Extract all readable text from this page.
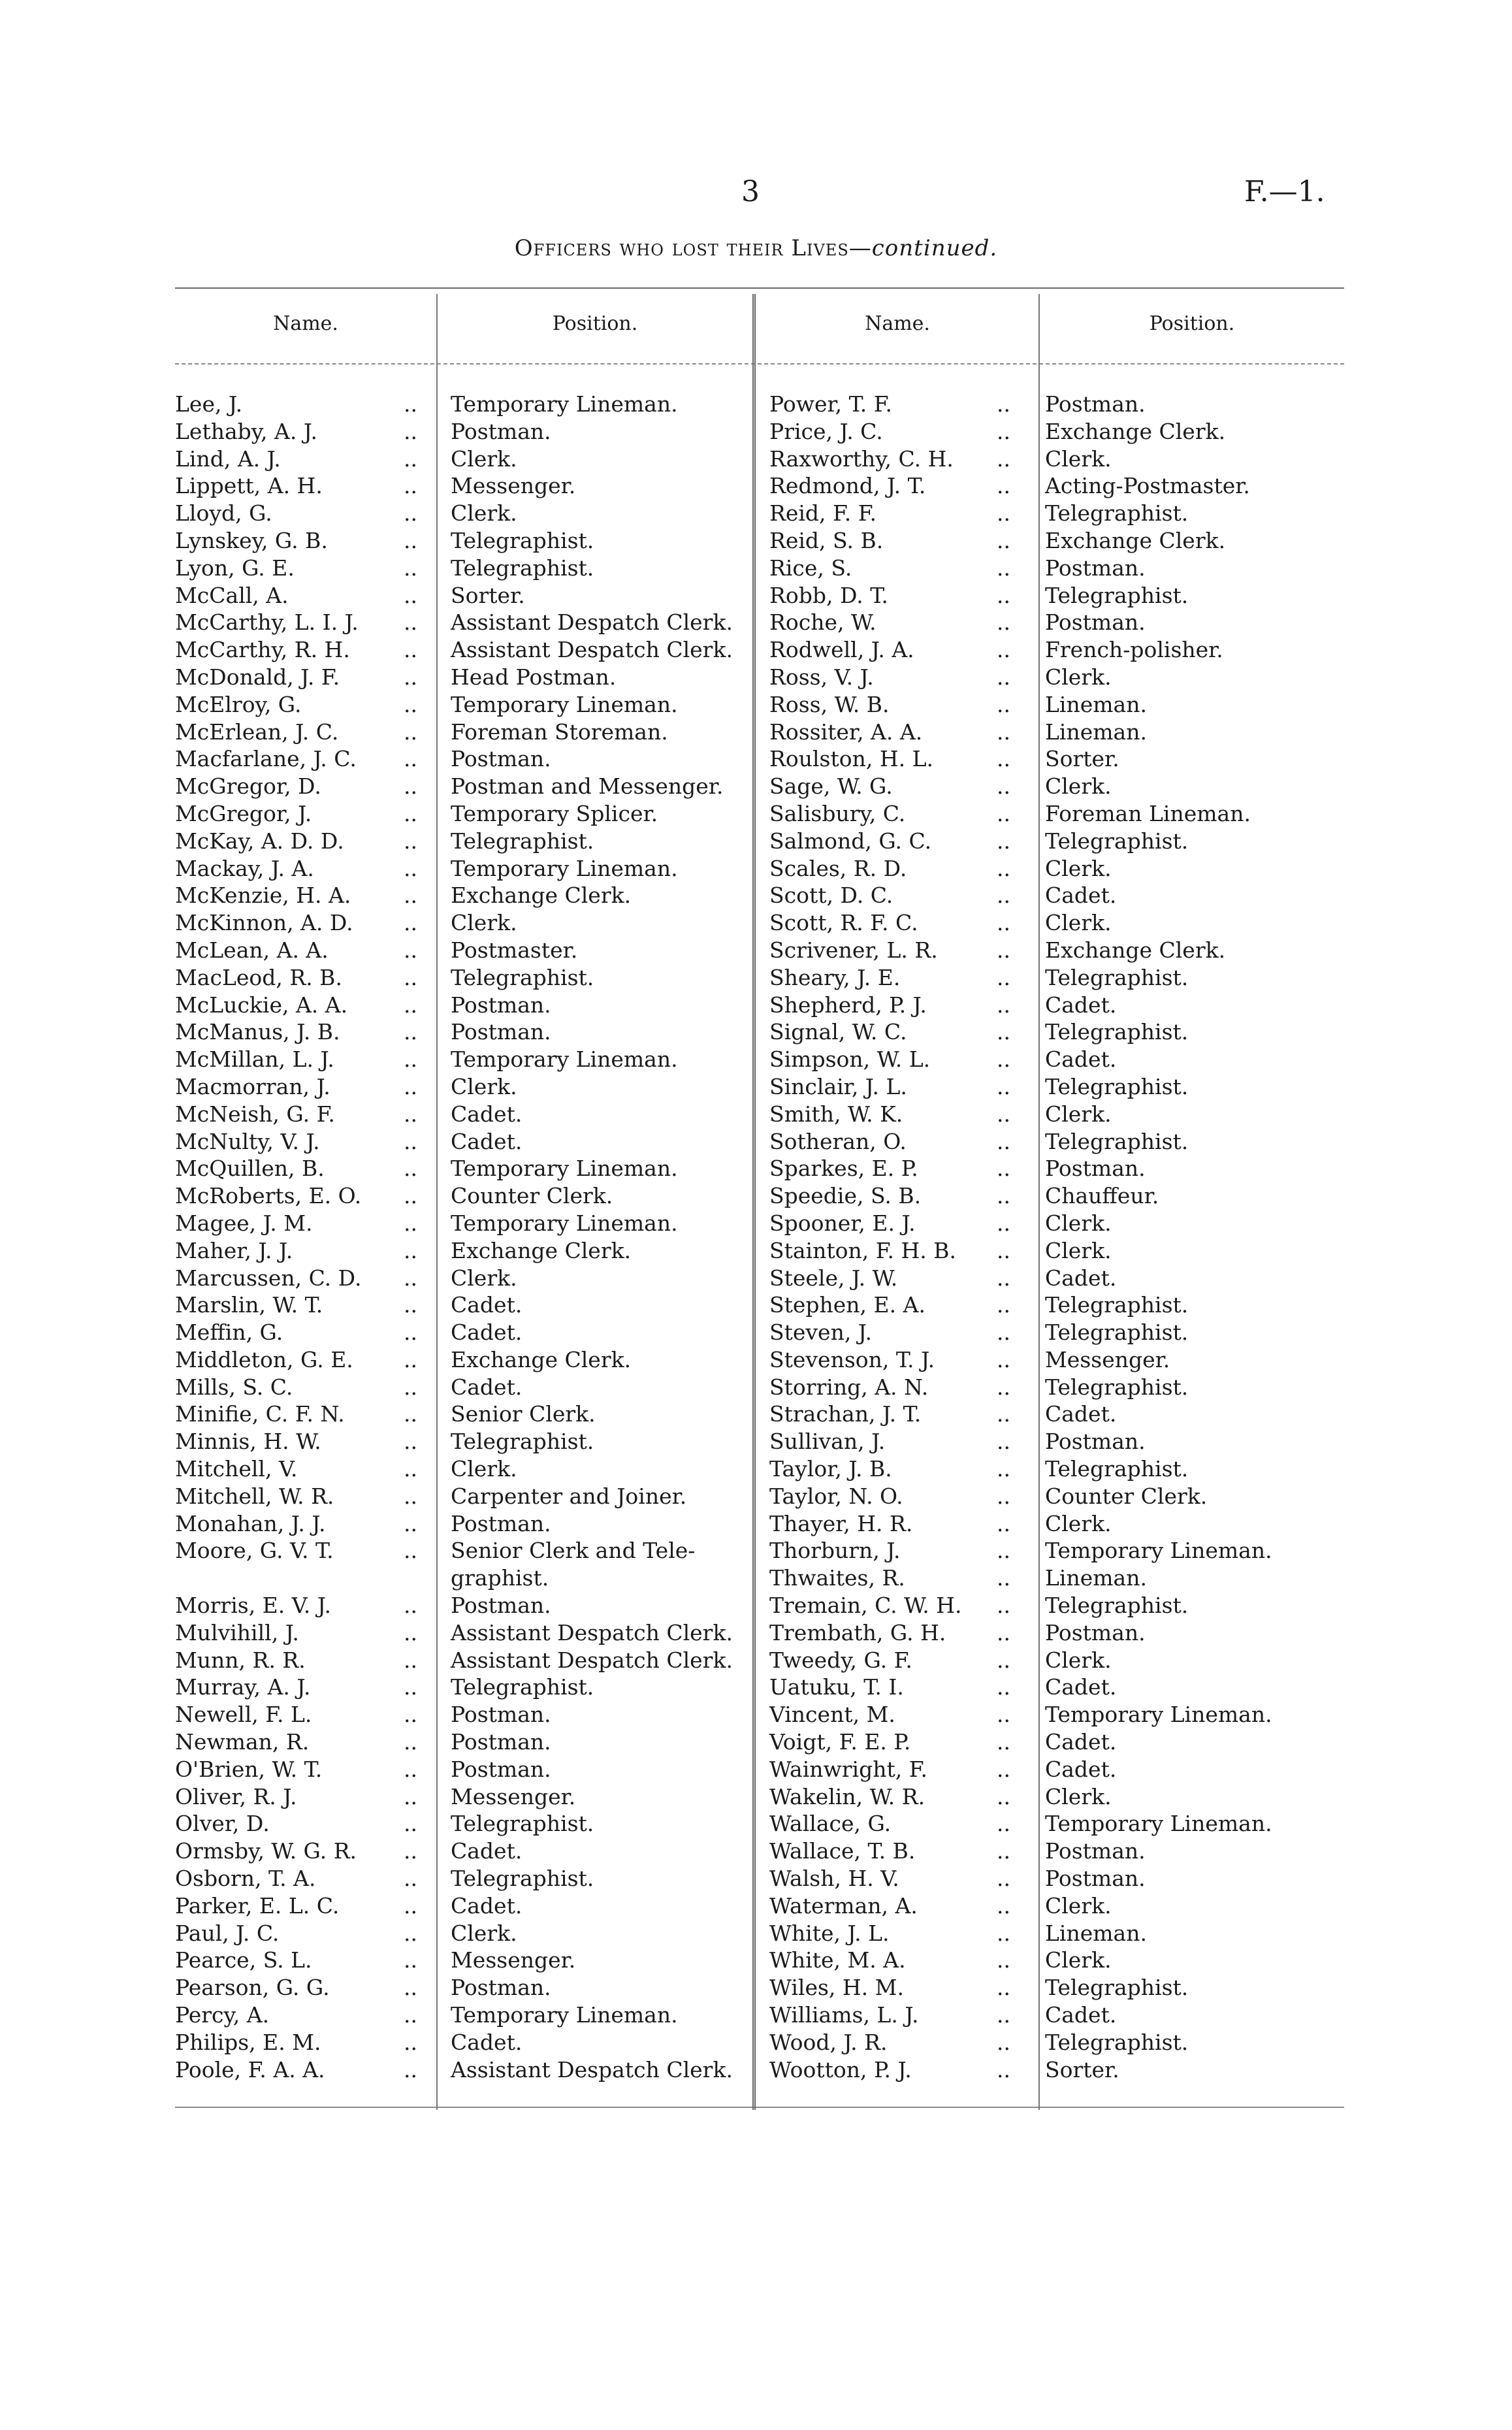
3	F.—1.
Officers who lost their Lives—continued.
Name.	Position.	Name.	Position.
Lee, J.	.. Temporary Lineman.	Power, T. F.	.. Postman.
Lethaby, A. J.	.. Postman.	Price, J. C.	.. Exchange Clerk.
Lind, A. J.	.. Clerk.	Raxworthy, C. H. .. Clerk.
Lippett, A. H.	.. Messenger.	Redmond, J. T.	.. Acting-Postmaster.
Lloyd, G.	.. Clerk.	Reid, F. F.	.. Telegraphist.
Lynskey, G. B.	.. Telegraphist.	Reid, S. B.	.. Exchange Clerk.
Lyon, G. E.	.. Telegraphist.	Rice, S.	.. Postman.
McCall, A.	.. Sorter.	Robb, D. T.	.. Telegraphist.
McCarthy, L. I. J. .. Assistant Despatch Clerk. Roche, W.	.. Postman.
McCarthy, R. H. .. Assistant Despatch Clerk. Rodwell, J. A.	.. French-polisher.
McDonald, J. F.	.. Head Postman.	Ross, V. J.	.. Clerk.
McElroy, G.	.. Temporary Lineman.	Ross, W. B.	.. Lineman.
McErlean, J. C.	.. Foreman Storeman.	Rossiter, A. A.	.. Lineman.
Macfarlane, J. C. .. Postman.	Roulston, H. L.	.. Sorter.
McGregor, D.	.. Postman and Messenger. Sage, W. G.	.. Clerk.
McGregor, J.	.. Temporary Splicer.	Salisbury, C.	.. Foreman Lineman.
McKay, A. D. D.	.. Telegraphist.	Salmond, G. C.	.. Telegraphist.
Mackay, J. A.	.. Temporary Lineman.	Scales, R. D.	.. Clerk.
McKenzie, H. A. .. Exchange Clerk.	Scott, D. C.	.. Cadet.
McKinnon, A. D. .. Clerk.	Scott, R. F. C.	.. Clerk.
McLean, A. A.	.. Postmaster.	Scrivener, L. R.	.. Exchange Clerk.
MacLeod, R. B.	.. Telegraphist.	Sheary, J. E.	.. Telegraphist.
McLuckie, A. A.	.. Postman.	Shepherd, P. J.	.. Cadet.
McManus, J. B.	.. Postman.	Signal, W. C.	.. Telegraphist.
McMillan, L. J.	.. Temporary Lineman.	Simpson, W. L.	.. Cadet.
Macmorran, J.	.. Clerk.	Sinclair, J. L.	.. Telegraphist.
McNeish, G. F.	.. Cadet.	Smith, W. K.	.. Clerk.
McNulty, V. J.	.. Cadet.	Sotheran, O.	.. Telegraphist.
McQuillen, B.	.. Temporary Lineman.	Sparkes, E. P.	.. Postman.
McRoberts, E. O. .. Counter Clerk.	Speedie, S. B.	.. Chauffeur.
Magee, J. M.	.. Temporary Lineman.	Spooner, E. J.	.. Clerk.
Maher, J. J.	.. Exchange Clerk.	Stainton, F. H. B. .. Clerk.
Marcussen, C. D. .. Clerk.	Steele, J. W.	.. Cadet.
Marslin, W. T.	.. Cadet.	Stephen, E. A.	.. Telegraphist.
Meffin, G.	.. Cadet.	Steven, J.	.. Telegraphist.
Middleton, G. E. .. Exchange Clerk.	Stevenson, T. J.	.. Messenger.
Mills, S. C.	.. Cadet.	Storring, A. N.	.. Telegraphist.
Minifie, C. F. N.	.. Senior Clerk.	Strachan, J. T.	.. Cadet.
Minnis, H. W.	.. Telegraphist.	Sullivan, J.	.. Postman.
Mitchell, V.	.. Clerk.	Taylor, J. B.	.. Telegraphist.
Mitchell, W. R.	.. Carpenter and Joiner.	Taylor, N. O.	.. Counter Clerk.
Monahan, J. J.	.. Postman.	Thayer, H. R.	.. Clerk.
Moore, G. V. T.	.. Senior Clerk and Tele-	Thorburn, J.	.. Temporary Lineman.
graphist.	Thwaites, R.	.. Lineman.
Morris, E. V. J.	.. Postman.	Tremain, C. W. H. .. Telegraphist.
Mulvihill, J.	.. Assistant Despatch Clerk. Trembath, G. H. .. Postman.
Munn, R. R.	.. Assistant Despatch Clerk. Tweedy, G. F.	.. Clerk.
Murray, A. J.	.. Telegraphist.	Uatuku, T. I.	.. Cadet.
Newell, F. L.	.. Postman.	Vincent, M.	.. Temporary Lineman.
Newman, R.	.. Postman.	Voigt, F. E. P.	.. Cadet.
O'Brien, W. T.	.. Postman.	Wainwright, F.	.. Cadet.
Oliver, R. J.	.. Messenger.	Wakelin, W. R.	.. Clerk.
Olver, D.	.. Telegraphist.	Wallace, G.	.. Temporary Lineman.
Ormsby, W. G. R. .. Cadet.	Wallace, T. B.	.. Postman.
Osborn, T. A.	.. Telegraphist.	Walsh, H. V.	.. Postman.
Parker, E. L. C.	.. Cadet.	Waterman, A.	.. Clerk.
Paul, J. C.	.. Clerk.	White, J. L.	.. Lineman.
Pearce, S. L.	.. Messenger.	White, M. A.	.. Clerk.
Pearson, G. G.	.. Postman.	Wiles, H. M.	.. Telegraphist.
Percy, A.	.. Temporary Lineman.	Williams, L. J.	.. Cadet.
Philips, E. M.	.. Cadet.	Wood, J. R.	.. Telegraphist.
Poole, F. A. A.	.. Assistant Despatch Clerk. Wootton, P. J.	.. Sorter.
